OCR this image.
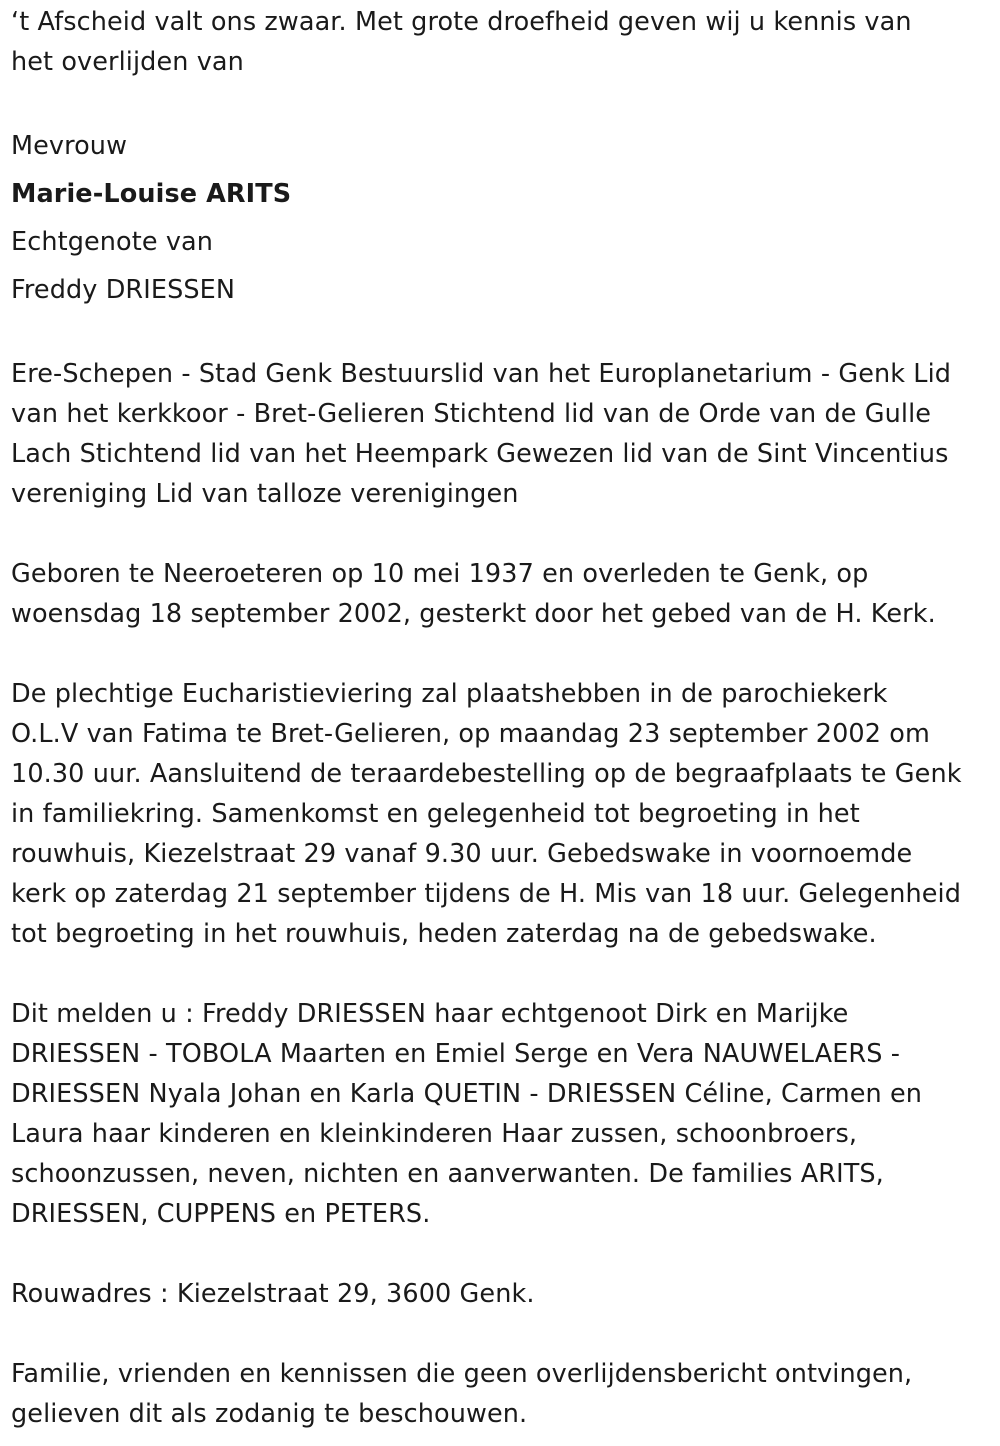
‘t Afscheid valt ons zwaar. Met grote droefheid geven wij u kennis van
het overlijden van

Mevrouw
Marie-Louise ARITS
Echtgenote van
Freddy DRIESSEN

Ere-Schepen - Stad Genk Bestuurslid van het Europlanetarium - Genk Lid
van het kerkkoor - Bret-Gelieren Stichtend lid van de Orde van de Gulle
Lach Stichtend lid van het Heempark Gewezen lid van de Sint Vincentius
vereniging Lid van talloze verenigingen

Geboren te Neeroeteren op 10 mei 1937 en overleden te Genk, op
woensdag 18 september 2002, gesterkt door het gebed van de H. Kerk.

De plechtige Eucharistieviering zal plaatshebben in de parochiekerk
O.L.V van Fatima te Bret-Gelieren, op maandag 23 september 2002 om
10.30 uur. Aansluitend de teraardebestelling op de begraafplaats te Genk
in familiekring. Samenkomst en gelegenheid tot begroeting in het
rouwhuis, Kiezelstraat 29 vanaf 9.30 uur. Gebedswake in voornoemde
kerk op zaterdag 21 september tijdens de H. Mis van 18 uur. Gelegenheid
tot begroeting in het rouwhuis, heden zaterdag na de gebedswake.

Dit melden u : Freddy DRIESSEN haar echtgenoot Dirk en Marijke
DRIESSEN - TOBOLA Maarten en Emiel Serge en Vera NAUWELAERS -
DRIESSEN Nyala Johan en Karla QUETIN - DRIESSEN Céline, Carmen en
Laura haar kinderen en kleinkinderen Haar zussen, schoonbroers,
schoonzussen, neven, nichten en aanverwanten. De families ARITS,
DRIESSEN, CUPPENS en PETERS.

Rouwadres : Kiezelstraat 29, 3600 Genk.

Familie, vrienden en kennissen die geen overlijdensbericht ontvingen,
gelieven dit als zodanig te beschouwen.
